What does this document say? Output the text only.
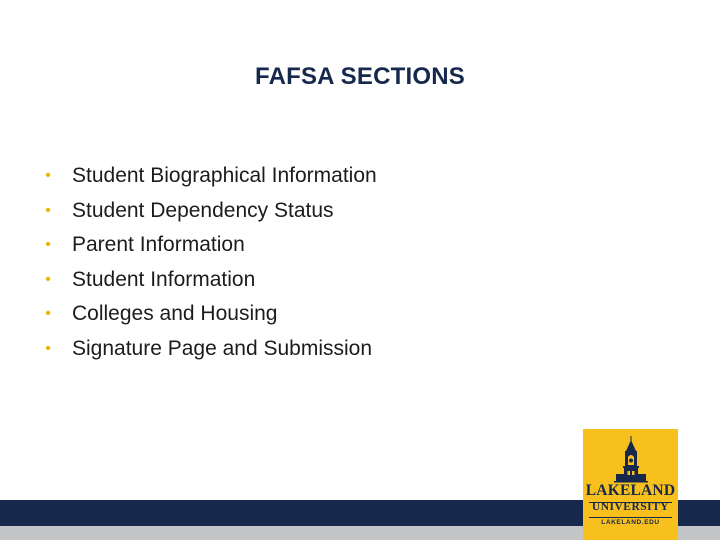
FAFSA SECTIONS
• Student Biographical Information
• Student Dependency Status
• Parent Information
• Student Information
• Colleges and Housing
• Signature Page and Submission
LAKELAND
UNIVERSITY
LAKELAND.EDU
